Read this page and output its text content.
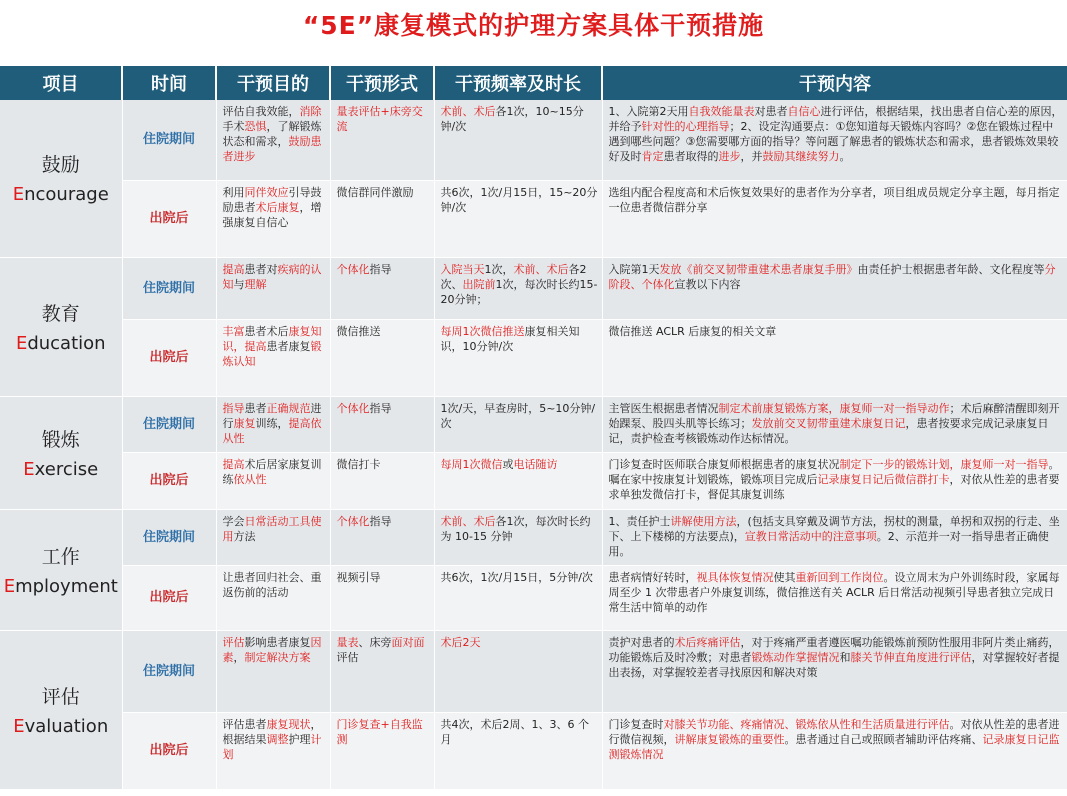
“5E”康复模式的护理方案具体干预措施
项目	时间	干预目的	干预形式	干预频率及时长	干预内容

鼓励
Encourage	住院期间	评估自我效能，消除手术恐惧，了解锻炼状态和需求，鼓励患者进步	量表评估+床旁交流	术前、术后各1次，10~15分钟/次	1、入院第2天用自我效能量表对患者自信心进行评估，根据结果，找出患者自信心差的原因，并给予针对性的心理指导；2、设定沟通要点：①您知道每天锻炼内容吗？②您在锻炼过程中遇到哪些问题？③您需要哪方面的指导？等问题了解患者的锻炼状态和需求，患者锻炼效果较好及时肯定患者取得的进步，并鼓励其继续努力。
	出院后	利用同伴效应引导鼓励患者术后康复，增强康复自信心	微信群同伴激励	共6次，1次/月15日，15~20分钟/次	选组内配合程度高和术后恢复效果好的患者作为分享者，项目组成员规定分享主题，每月指定一位患者微信群分享

教育
Education	住院期间	提高患者对疾病的认知与理解	个体化指导	入院当天1次，术前、术后各2次、出院前1次，每次时长约15-20分钟；	入院第1天发放《前交叉韧带重建术患者康复手册》由责任护士根据患者年龄、文化程度等分阶段、个体化宣教以下内容
	出院后	丰富患者术后康复知识，提高患者康复锻炼认知	微信推送	每周1次微信推送康复相关知识，10分钟/次	微信推送 ACLR 后康复的相关文章

锻炼
Exercise	住院期间	指导患者正确规范进行康复训练，提高依从性	个体化指导	1次/天，早查房时，5~10分钟/次	主管医生根据患者情况制定术前康复锻炼方案，康复师一对一指导动作；术后麻醉清醒即刻开始踝泵、股四头肌等长练习；发放前交叉韧带重建术康复日记，患者按要求完成记录康复日记，责护检查考核锻炼动作达标情况。
	出院后	提高术后居家康复训练依从性	微信打卡	每周1次微信或电话随访	门诊复查时医师联合康复师根据患者的康复状况制定下一步的锻炼计划，康复师一对一指导。嘱在家中按康复计划锻炼，锻炼项目完成后记录康复日记后微信群打卡，对依从性差的患者要求单独发微信打卡，督促其康复训练

工作
Employment	住院期间	学会日常活动工具使用方法	个体化指导	术前、术后各1次，每次时长约为 10-15 分钟	1、责任护士讲解使用方法，(包括支具穿戴及调节方法，拐杖的测量，单拐和双拐的行走、坐下、上下楼梯的方法要点)，宣教日常活动中的注意事项。2、示范并一对一指导患者正确使用。
	出院后	让患者回归社会、重返伤前的活动	视频引导	共6次，1次/月15日，5分钟/次	患者病情好转时，视具体恢复情况使其重新回到工作岗位。设立周末为户外训练时段，家属每周至少 1 次带患者户外康复训练，微信推送有关 ACLR 后日常活动视频引导患者独立完成日常生活中简单的动作

评估
Evaluation	住院期间	评估影响患者康复因素，制定解决方案	量表、床旁面对面评估	术后2天	责护对患者的术后疼痛评估，对于疼痛严重者遵医嘱功能锻炼前预防性服用非阿片类止痛药，功能锻炼后及时冷敷；对患者锻炼动作掌握情况和膝关节伸直角度进行评估，对掌握较好者提出表扬，对掌握较差者寻找原因和解决对策
	出院后	评估患者康复现状，根据结果调整护理计划	门诊复查+自我监测	共4次，术后2周、1、3、6 个月	门诊复查时对膝关节功能、疼痛情况、锻炼依从性和生活质量进行评估。对依从性差的患者进行微信视频，讲解康复锻炼的重要性。患者通过自己或照顾者辅助评估疼痛、记录康复日记监测锻炼情况
